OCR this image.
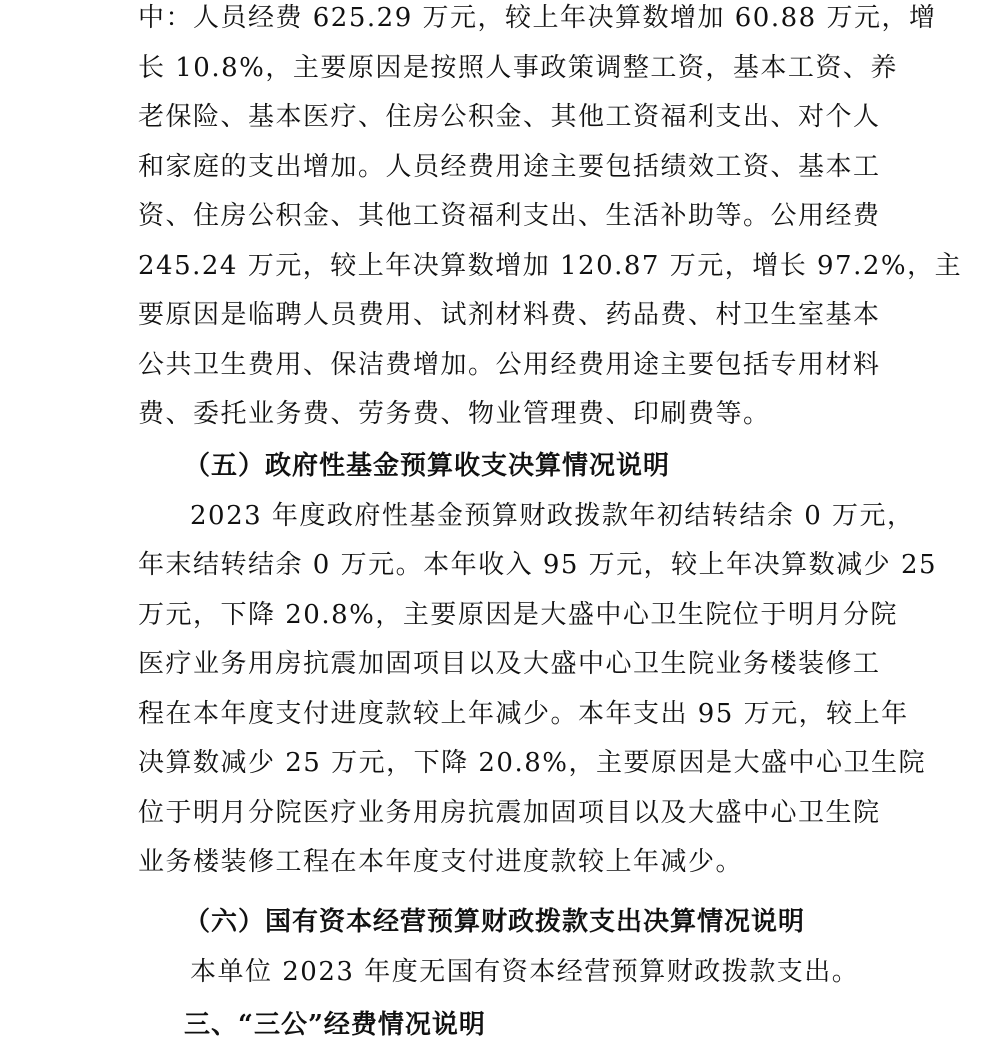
中：人员经费 625.29 万元，较上年决算数增加 60.88 万元，增
长 10.8%，主要原因是按照人事政策调整工资，基本工资、养
老保险、基本医疗、住房公积金、其他工资福利支出、对个人
和家庭的支出增加。人员经费用途主要包括绩效工资、基本工
资、住房公积金、其他工资福利支出、生活补助等。公用经费
245.24 万元，较上年决算数增加 120.87 万元，增长 97.2%，主
要原因是临聘人员费用、试剂材料费、药品费、村卫生室基本
公共卫生费用、保洁费增加。公用经费用途主要包括专用材料
费、委托业务费、劳务费、物业管理费、印刷费等。
（五）政府性基金预算收支决算情况说明
2023 年度政府性基金预算财政拨款年初结转结余 0 万元，
年末结转结余 0 万元。本年收入 95 万元，较上年决算数减少 25
万元，下降 20.8%，主要原因是大盛中心卫生院位于明月分院
医疗业务用房抗震加固项目以及大盛中心卫生院业务楼装修工
程在本年度支付进度款较上年减少。本年支出 95 万元，较上年
决算数减少 25 万元，下降 20.8%，主要原因是大盛中心卫生院
位于明月分院医疗业务用房抗震加固项目以及大盛中心卫生院
业务楼装修工程在本年度支付进度款较上年减少。
（六）国有资本经营预算财政拨款支出决算情况说明
本单位 2023 年度无国有资本经营预算财政拨款支出。
三、“三公”经费情况说明
